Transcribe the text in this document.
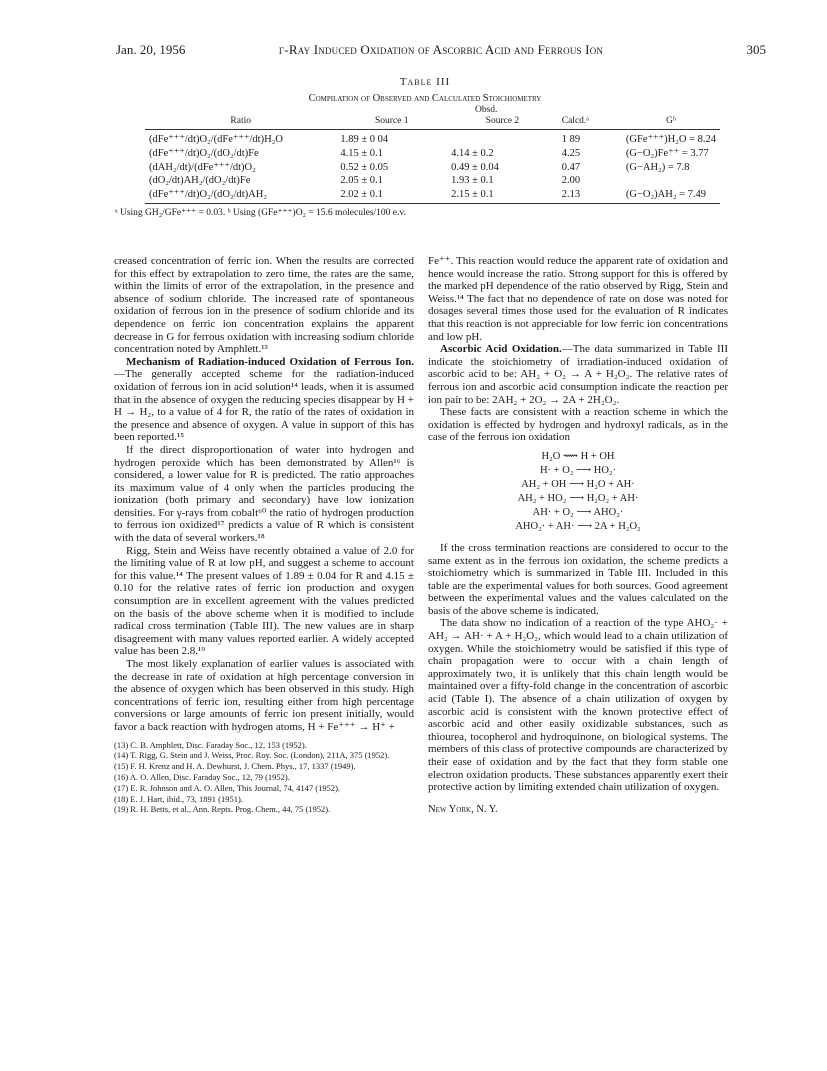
Jan. 20, 1956	γ-Ray Induced Oxidation of Ascorbic Acid and Ferrous Ion	305
Table III
Compilation of Observed and Calculated Stoichiometry
Obsd.
Ratio	Source 1	Source 2	Calcd.ᵃ	Gᵇ
(dFe⁺⁺⁺/dt)O₂/(dFe⁺⁺⁺/dt)H₂O	1.89 ± 0 04		1 89	(GFe⁺⁺⁺)H₂O = 8.24
(dFe⁺⁺⁺/dt)O₂/(dO₂/dt)Fe	4.15 ± 0.1	4.14 ± 0.2	4.25	(G−O₂)Fe⁺⁺ = 3.77
(dAH₂/dt)/(dFe⁺⁺⁺/dt)O₂	0.52 ± 0.05	0.49 ± 0.04	0.47	(G−AH₂) = 7.8
(dO₂/dt)AH₂/(dO₂/dt)Fe	2.05 ± 0.1	1.93 ± 0.1	2.00	
(dFe⁺⁺⁺/dt)O₂/(dO₂/dt)AH₂	2.02 ± 0.1	2.15 ± 0.1	2.13	(G−O₂)AH₂ = 7.49
ᵃ Using GH₂/GFe⁺⁺⁺ = 0.03. ᵇ Using (GFe⁺⁺⁺)O₂ = 15.6 molecules/100 e.v.

creased concentration of ferric ion. When the results are corrected for this effect by extrapolation to zero time, the rates are the same, within the limits of error of the extrapolation, in the presence and absence of sodium chloride. The increased rate of spontaneous oxidation of ferrous ion in the presence of sodium chloride and its dependence on ferric ion concentration explains the apparent decrease in G for ferrous oxidation with increasing sodium chloride concentration noted by Amphlett.¹³

Mechanism of Radiation-induced Oxidation of Ferrous Ion.—The generally accepted scheme for the radiation-induced oxidation of ferrous ion in acid solution¹⁴ leads, when it is assumed that in the absence of oxygen the reducing species disappear by H + H → H₂, to a value of 4 for R, the ratio of the rates of oxidation in the presence and absence of oxygen. A value in support of this has been reported.¹⁵

If the direct disproportionation of water into hydrogen and hydrogen peroxide which has been demonstrated by Allen¹⁶ is considered, a lower value for R is predicted. The ratio approaches its maximum value of 4 only when the particles producing the ionization (both primary and secondary) have low ionization densities. For γ-rays from cobalt⁶⁰ the ratio of hydrogen production to ferrous ion oxidized¹⁷ predicts a value of R which is consistent with the data of several workers.¹⁸

Rigg, Stein and Weiss have recently obtained a value of 2.0 for the limiting value of R at low pH, and suggest a scheme to account for this value.¹⁴ The present values of 1.89 ± 0.04 for R and 4.15 ± 0.10 for the relative rates of ferric ion production and oxygen consumption are in excellent agreement with the values predicted on the basis of the above scheme when it is modified to include radical cross termination (Table III). The new values are in sharp disagreement with many values reported earlier. A widely accepted value has been 2.8.¹⁹

The most likely explanation of earlier values is associated with the decrease in rate of oxidation at high percentage conversion in the absence of oxygen which has been observed in this study. High concentrations of ferric ion, resulting either from high percentage conversions or large amounts of ferric ion present initially, would favor a back reaction with hydrogen atoms, H + Fe⁺⁺⁺ → H⁺ +

(13) C. B. Amphlett, Disc. Faraday Soc., 12, 153 (1952).
(14) T. Rigg, G. Stein and J. Weiss, Proc. Roy. Soc. (London), 211A, 375 (1952).
(15) F. H. Krenz and H. A. Dewhurst, J. Chem. Phys., 17, 1337 (1949).
(16) A. O. Allen, Disc. Faraday Soc., 12, 79 (1952).
(17) E. R. Johnson and A. O. Allen, This Journal, 74, 4147 (1952).
(18) E. J. Hart, ibid., 73, 1891 (1951).
(19) R. H. Betts, et al., Ann. Repts. Prog. Chem., 44, 75 (1952).

Fe⁺⁺. This reaction would reduce the apparent rate of oxidation and hence would increase the ratio. Strong support for this is offered by the marked pH dependence of the ratio observed by Rigg, Stein and Weiss.¹⁴ The fact that no dependence of rate on dose was noted for dosages several times those used for the evaluation of R indicates that this reaction is not appreciable for low ferric ion concentrations and low pH.

Ascorbic Acid Oxidation.—The data summarized in Table III indicate the stoichiometry of irradiation-induced oxidation of ascorbic acid to be: AH₂ + O₂ → A + H₂O₂. The relative rates of ferrous ion and ascorbic acid consumption indicate the reaction per ion pair to be: 2AH₂ + 2O₂ → 2A + 2H₂O₂.

These facts are consistent with a reaction scheme in which the oxidation is effected by hydrogen and hydroxyl radicals, as in the case of the ferrous ion oxidation

H₂O ⟿ H + OH
H· + O₂ ⟶ HO₂·
AH₂ + OH ⟶ H₂O + AH·
AH₂ + HO₂ ⟶ H₂O₂ + AH·
AH· + O₂ ⟶ AHO₂·
AHO₂· + AH· ⟶ 2A + H₂O₂

If the cross termination reactions are considered to occur to the same extent as in the ferrous ion oxidation, the scheme predicts a stoichiometry which is summarized in Table III. Included in this table are the experimental values for both sources. Good agreement between the experimental values and the values calculated on the basis of the above scheme is indicated.

The data show no indication of a reaction of the type AHO₂· + AH₂ → AH· + A + H₂O₂, which would lead to a chain utilization of oxygen. While the stoichiometry would be satisfied if this type of chain propagation were to occur with a chain length of approximately two, it is unlikely that this chain length would be maintained over a fifty-fold change in the concentration of ascorbic acid (Table I). The absence of a chain utilization of oxygen by ascorbic acid is consistent with the known protective effect of ascorbic acid and other easily oxidizable substances, such as thiourea, tocopherol and hydroquinone, on biological systems. The members of this class of protective compounds are characterized by their ease of oxidation and by the fact that they form stable one electron oxidation products. These substances apparently exert their protective action by limiting extended chain utilization of oxygen.

New York, N. Y.
